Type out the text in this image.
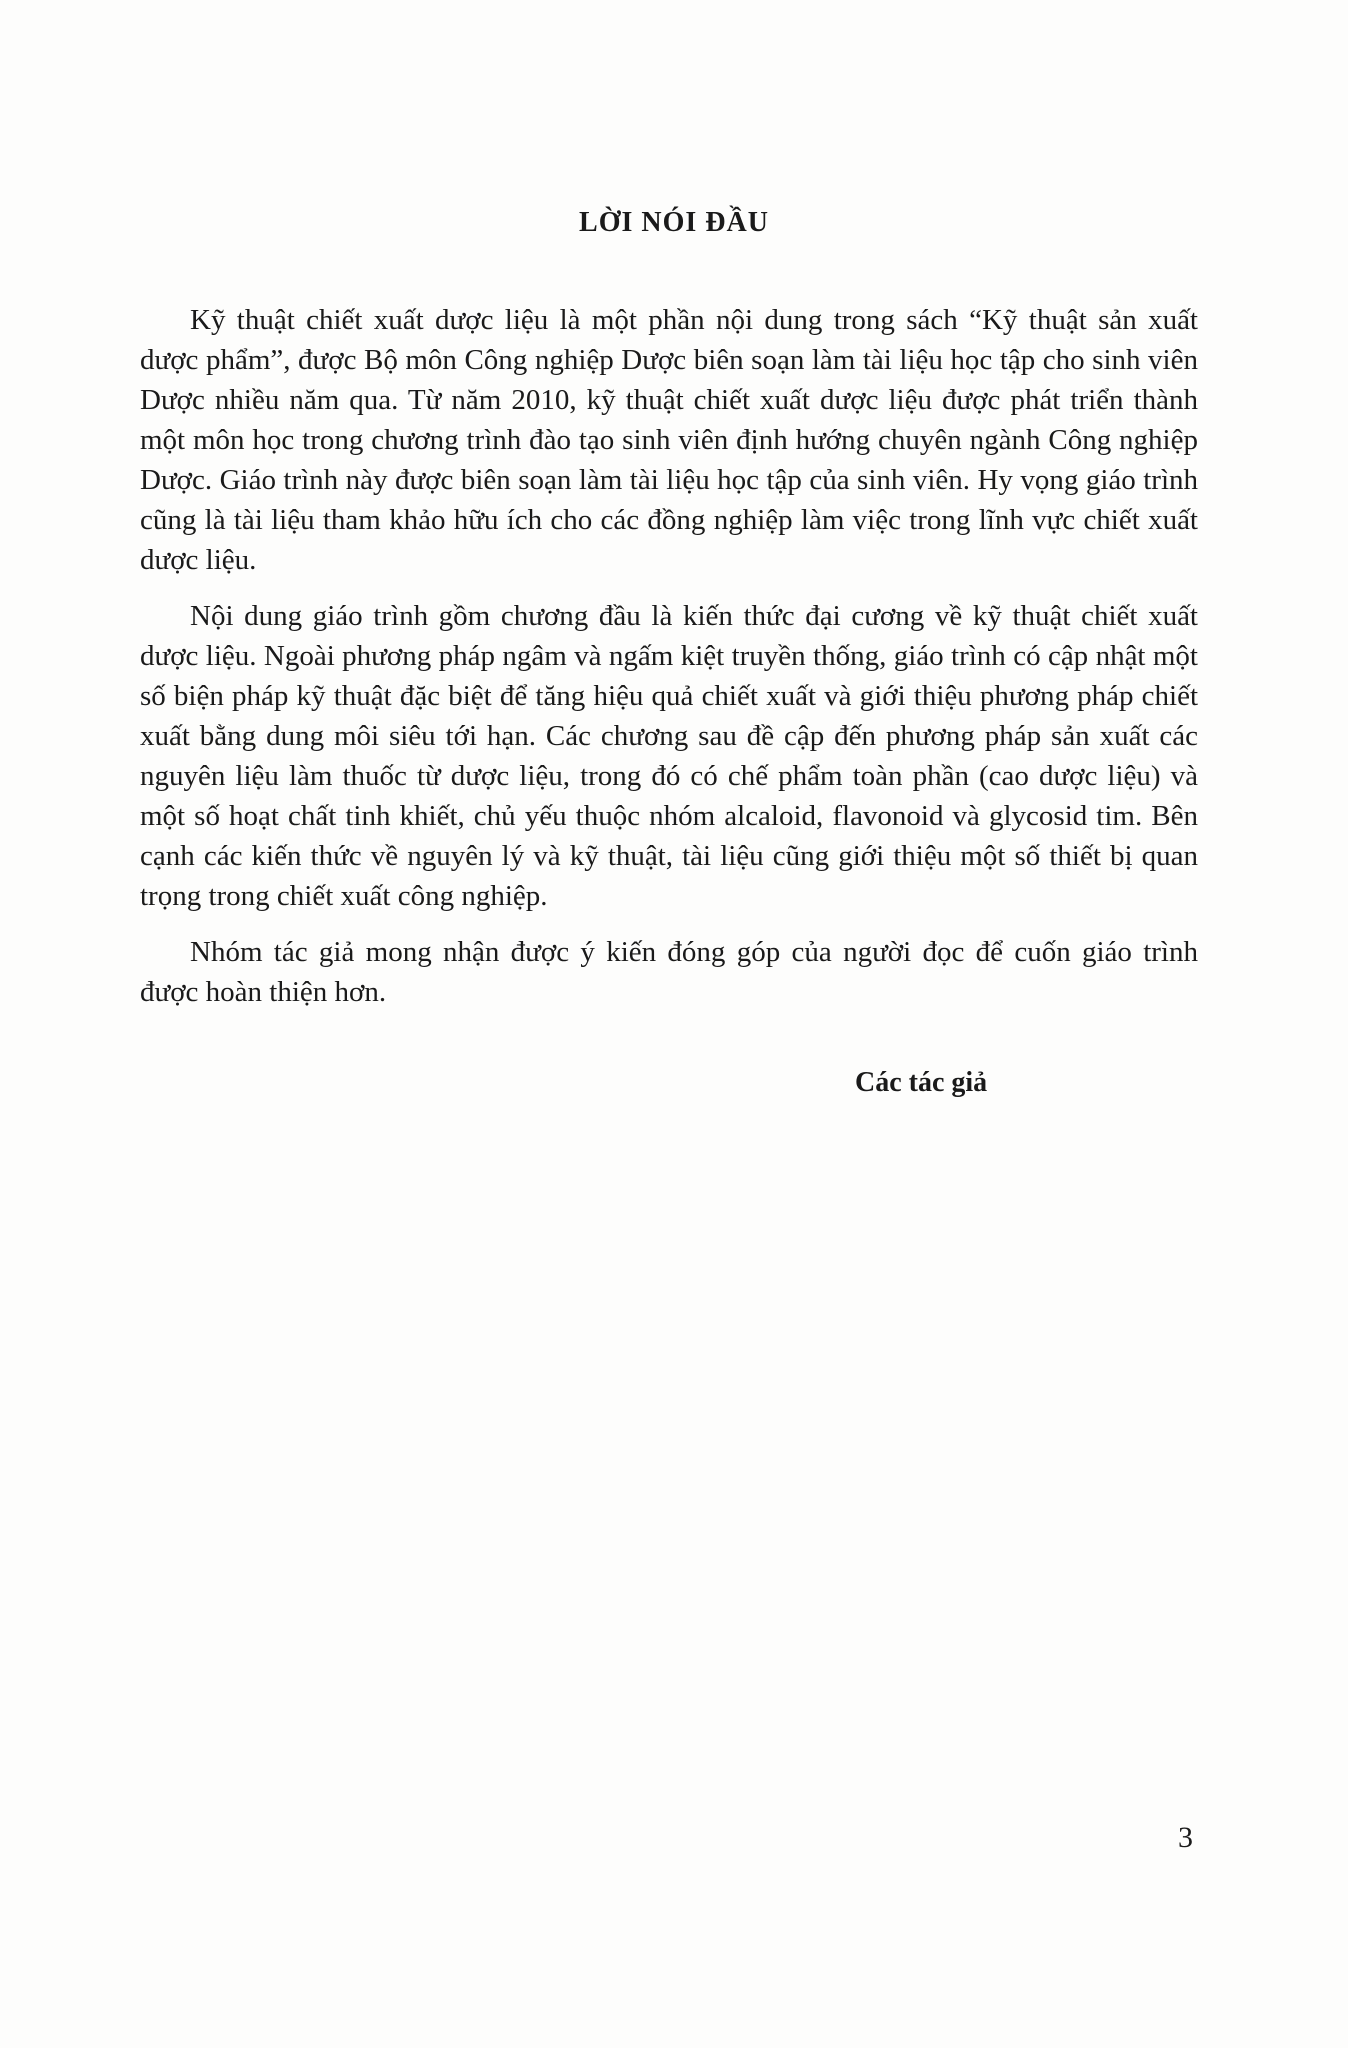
LỜI NÓI ĐẦU

Kỹ thuật chiết xuất dược liệu là một phần nội dung trong sách “Kỹ thuật sản xuất dược phẩm”, được Bộ môn Công nghiệp Dược biên soạn làm tài liệu học tập cho sinh viên Dược nhiều năm qua. Từ năm 2010, kỹ thuật chiết xuất dược liệu được phát triển thành một môn học trong chương trình đào tạo sinh viên định hướng chuyên ngành Công nghiệp Dược. Giáo trình này được biên soạn làm tài liệu học tập của sinh viên. Hy vọng giáo trình cũng là tài liệu tham khảo hữu ích cho các đồng nghiệp làm việc trong lĩnh vực chiết xuất dược liệu.

Nội dung giáo trình gồm chương đầu là kiến thức đại cương về kỹ thuật chiết xuất dược liệu. Ngoài phương pháp ngâm và ngấm kiệt truyền thống, giáo trình có cập nhật một số biện pháp kỹ thuật đặc biệt để tăng hiệu quả chiết xuất và giới thiệu phương pháp chiết xuất bằng dung môi siêu tới hạn. Các chương sau đề cập đến phương pháp sản xuất các nguyên liệu làm thuốc từ dược liệu, trong đó có chế phẩm toàn phần (cao dược liệu) và một số hoạt chất tinh khiết, chủ yếu thuộc nhóm alcaloid, flavonoid và glycosid tim. Bên cạnh các kiến thức về nguyên lý và kỹ thuật, tài liệu cũng giới thiệu một số thiết bị quan trọng trong chiết xuất công nghiệp.

Nhóm tác giả mong nhận được ý kiến đóng góp của người đọc để cuốn giáo trình được hoàn thiện hơn.

Các tác giả
3
